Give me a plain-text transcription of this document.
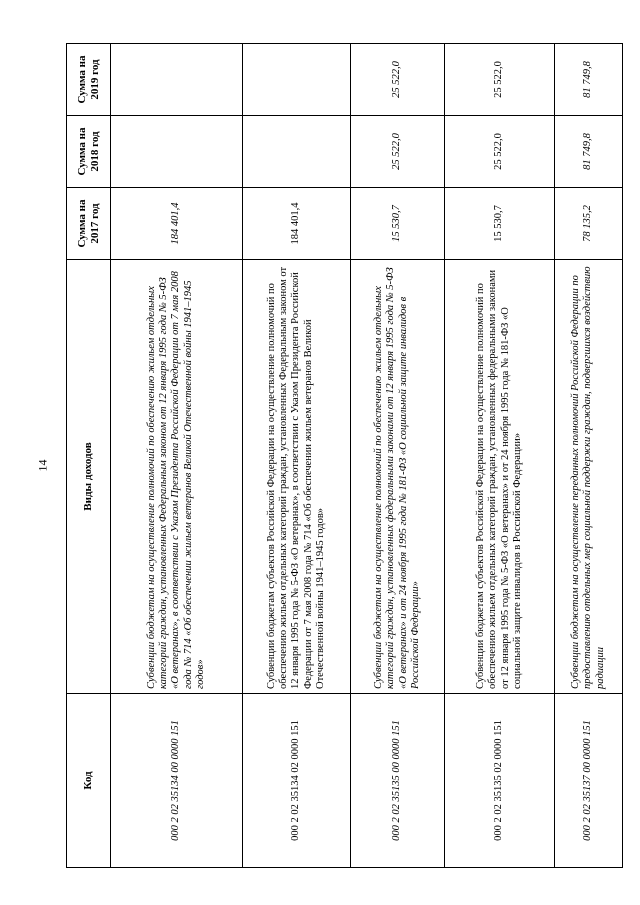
14
Код	Виды доходов	Сумма на 2017 год	Сумма на 2018 год	Сумма на 2019 год
000 2 02 35134 00 0000 151	Субвенции бюджетам на осуществление полномочий по обеспечению жильем отдельных категорий граждан, установленных Федеральным законом от 12 января 1995 года № 5-ФЗ «О ветеранах», в соответствии с Указом Президента Российской Федерации от 7 мая 2008 года № 714 «Об обеспечении жильем ветеранов Великой Отечественной войны 1941–1945 годов»	184 401,4		
000 2 02 35134 02 0000 151	Субвенции бюджетам субъектов Российской Федерации на осуществление полномочий по обеспечению жильем отдельных категорий граждан, установленных Федеральным законом от 12 января 1995 года № 5-ФЗ «О ветеранах», в соответствии с Указом Президента Российской Федерации от 7 мая 2008 года № 714 «Об обеспечении жильем ветеранов Великой Отечественной войны 1941–1945 годов»	184 401,4		
000 2 02 35135 00 0000 151	Субвенции бюджетам на осуществление полномочий по обеспечению жильем отдельных категорий граждан, установленных федеральными законами от 12 января 1995 года № 5-ФЗ «О ветеранах» и от 24 ноября 1995 года № 181-ФЗ «О социальной защите инвалидов в Российской Федерации»	15 530,7	25 522,0	25 522,0
000 2 02 35135 02 0000 151	Субвенции бюджетам субъектов Российской Федерации на осуществление полномочий по обеспечению жильем отдельных категорий граждан, установленных федеральными законами от 12 января 1995 года № 5-ФЗ «О ветеранах» и от 24 ноября 1995 года № 181-ФЗ «О социальной защите инвалидов в Российской Федерации»	15 530,7	25 522,0	25 522,0
000 2 02 35137 00 0000 151	Субвенции бюджетам на осуществление переданных полномочий Российской Федерации по предоставлению отдельных мер социальной поддержки граждан, подвергшихся воздействию радиации	78 135,2	81 749,8	81 749,8
